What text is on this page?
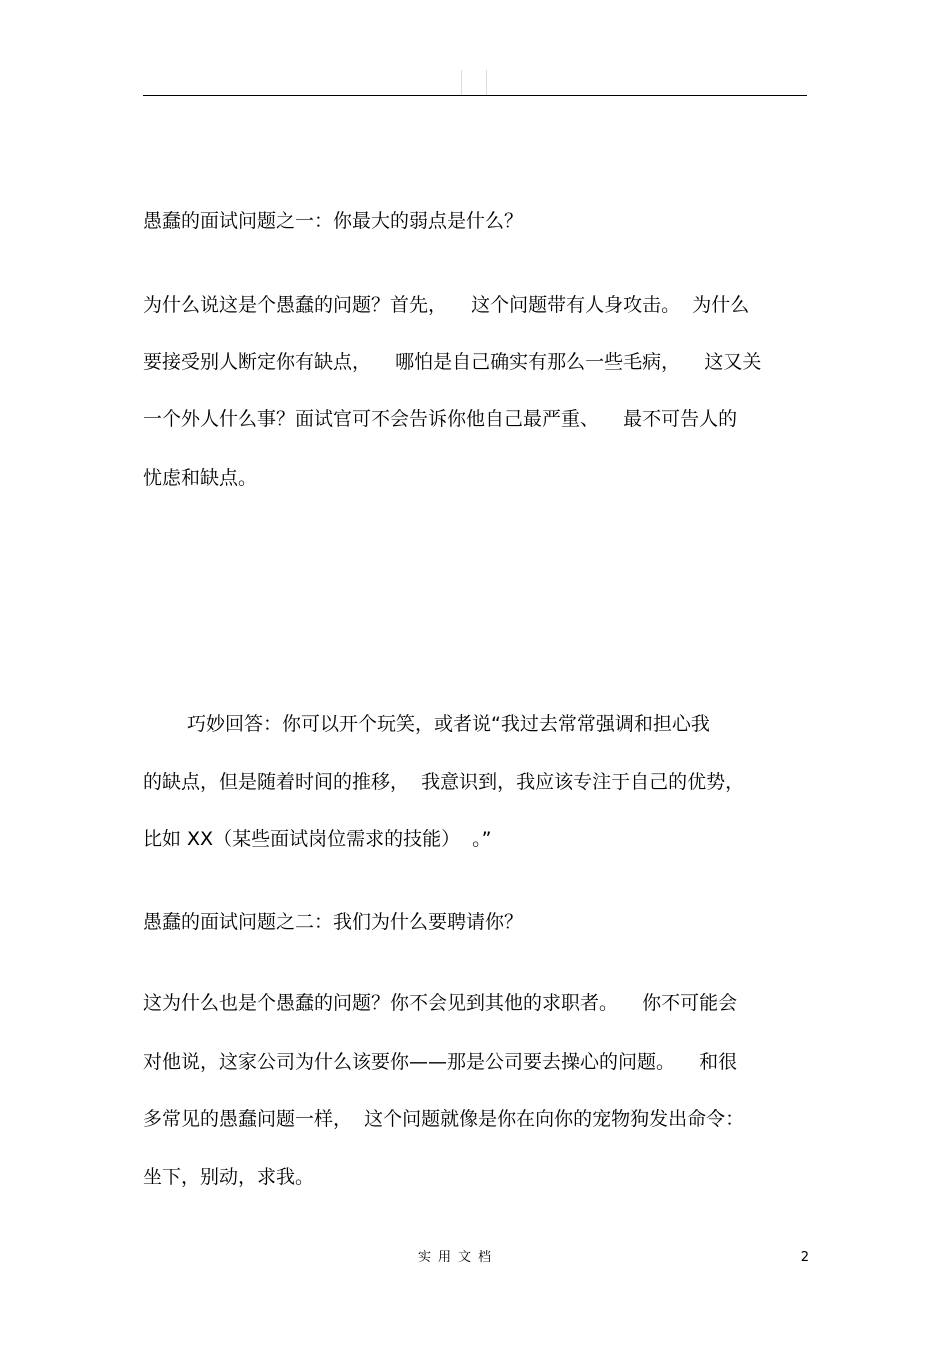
愚蠢的面试问题之一：你最大的弱点是什么？
为什么说这是个愚蠢的问题？首先，    这个问题带有人身攻击。  为什么
要接受别人断定你有缺点，    哪怕是自己确实有那么一些毛病，    这又关
一个外人什么事？面试官可不会告诉你他自己最严重、    最不可告人的
忧虑和缺点。
巧妙回答：你可以开个玩笑，或者说“我过去常常强调和担心我
的缺点，但是随着时间的推移，  我意识到，我应该专注于自己的优势，
比如 XX（某些面试岗位需求的技能）  。”
愚蠢的面试问题之二：我们为什么要聘请你？
这为什么也是个愚蠢的问题？你不会见到其他的求职者。    你不可能会
对他说，这家公司为什么该要你——那是公司要去操心的问题。    和很
多常见的愚蠢问题一样，  这个问题就像是你在向你的宠物狗发出命令：
坐下，别动，求我。
实用文档	2
